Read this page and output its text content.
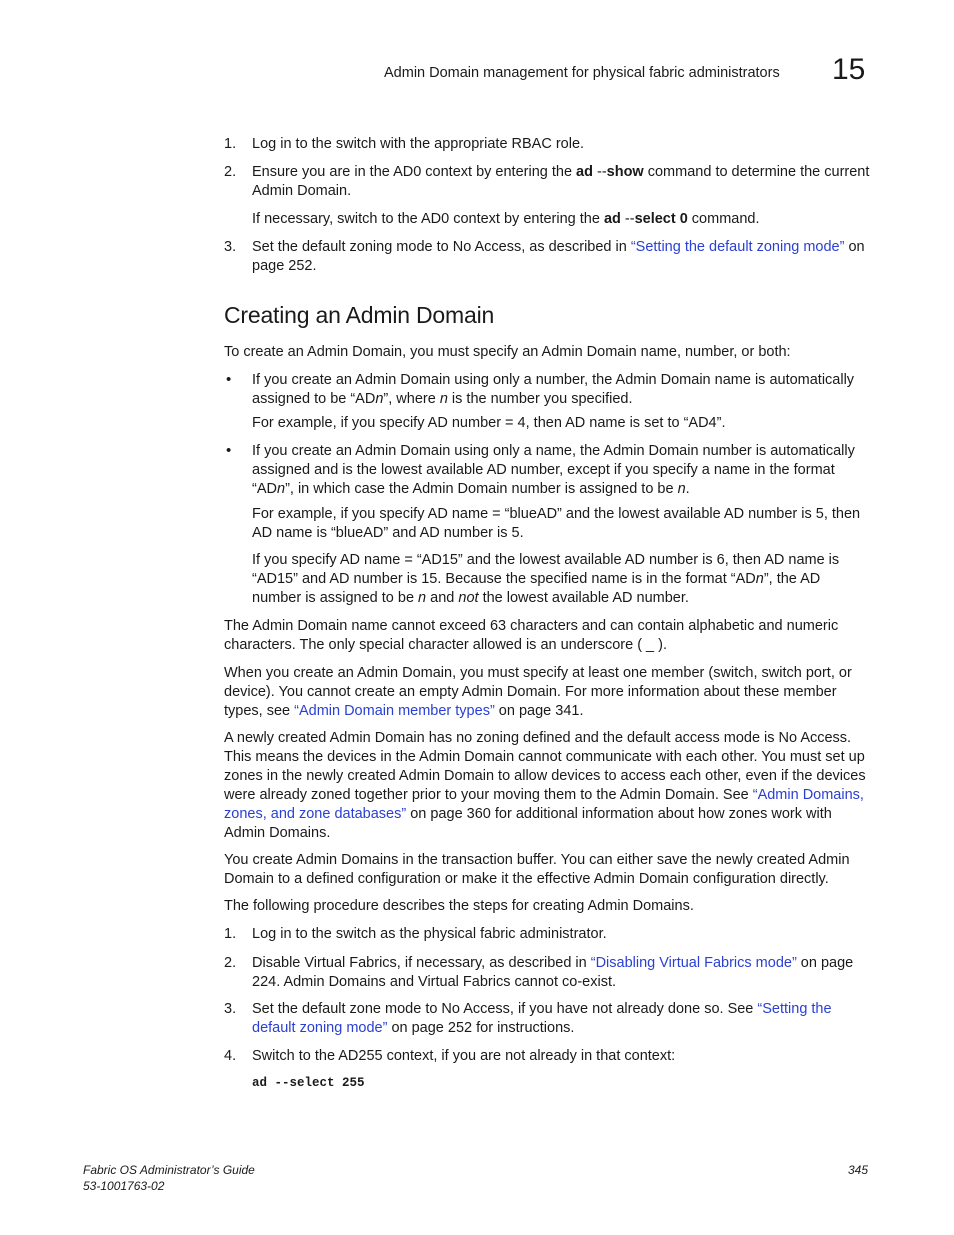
Admin Domain management for physical fabric administrators 15
1. Log in to the switch with the appropriate RBAC role.
2. Ensure you are in the AD0 context by entering the ad --show command to determine the current Admin Domain.
If necessary, switch to the AD0 context by entering the ad --select 0 command.
3. Set the default zoning mode to No Access, as described in “Setting the default zoning mode” on page 252.
Creating an Admin Domain
To create an Admin Domain, you must specify an Admin Domain name, number, or both:
• If you create an Admin Domain using only a number, the Admin Domain name is automatically assigned to be “ADn”, where n is the number you specified.
For example, if you specify AD number = 4, then AD name is set to “AD4”.
• If you create an Admin Domain using only a name, the Admin Domain number is automatically assigned and is the lowest available AD number, except if you specify a name in the format “ADn”, in which case the Admin Domain number is assigned to be n.
For example, if you specify AD name = “blueAD” and the lowest available AD number is 5, then AD name is “blueAD” and AD number is 5.
If you specify AD name = “AD15” and the lowest available AD number is 6, then AD name is “AD15” and AD number is 15. Because the specified name is in the format “ADn”, the AD number is assigned to be n and not the lowest available AD number.
The Admin Domain name cannot exceed 63 characters and can contain alphabetic and numeric characters. The only special character allowed is an underscore ( _ ).
When you create an Admin Domain, you must specify at least one member (switch, switch port, or device). You cannot create an empty Admin Domain. For more information about these member types, see “Admin Domain member types” on page 341.
A newly created Admin Domain has no zoning defined and the default access mode is No Access. This means the devices in the Admin Domain cannot communicate with each other. You must set up zones in the newly created Admin Domain to allow devices to access each other, even if the devices were already zoned together prior to your moving them to the Admin Domain. See “Admin Domains, zones, and zone databases” on page 360 for additional information about how zones work with Admin Domains.
You create Admin Domains in the transaction buffer. You can either save the newly created Admin Domain to a defined configuration or make it the effective Admin Domain configuration directly.
The following procedure describes the steps for creating Admin Domains.
1. Log in to the switch as the physical fabric administrator.
2. Disable Virtual Fabrics, if necessary, as described in “Disabling Virtual Fabrics mode” on page 224. Admin Domains and Virtual Fabrics cannot co-exist.
3. Set the default zone mode to No Access, if you have not already done so. See “Setting the default zoning mode” on page 252 for instructions.
4. Switch to the AD255 context, if you are not already in that context:
ad --select 255
Fabric OS Administrator’s Guide
53-1001763-02
345
